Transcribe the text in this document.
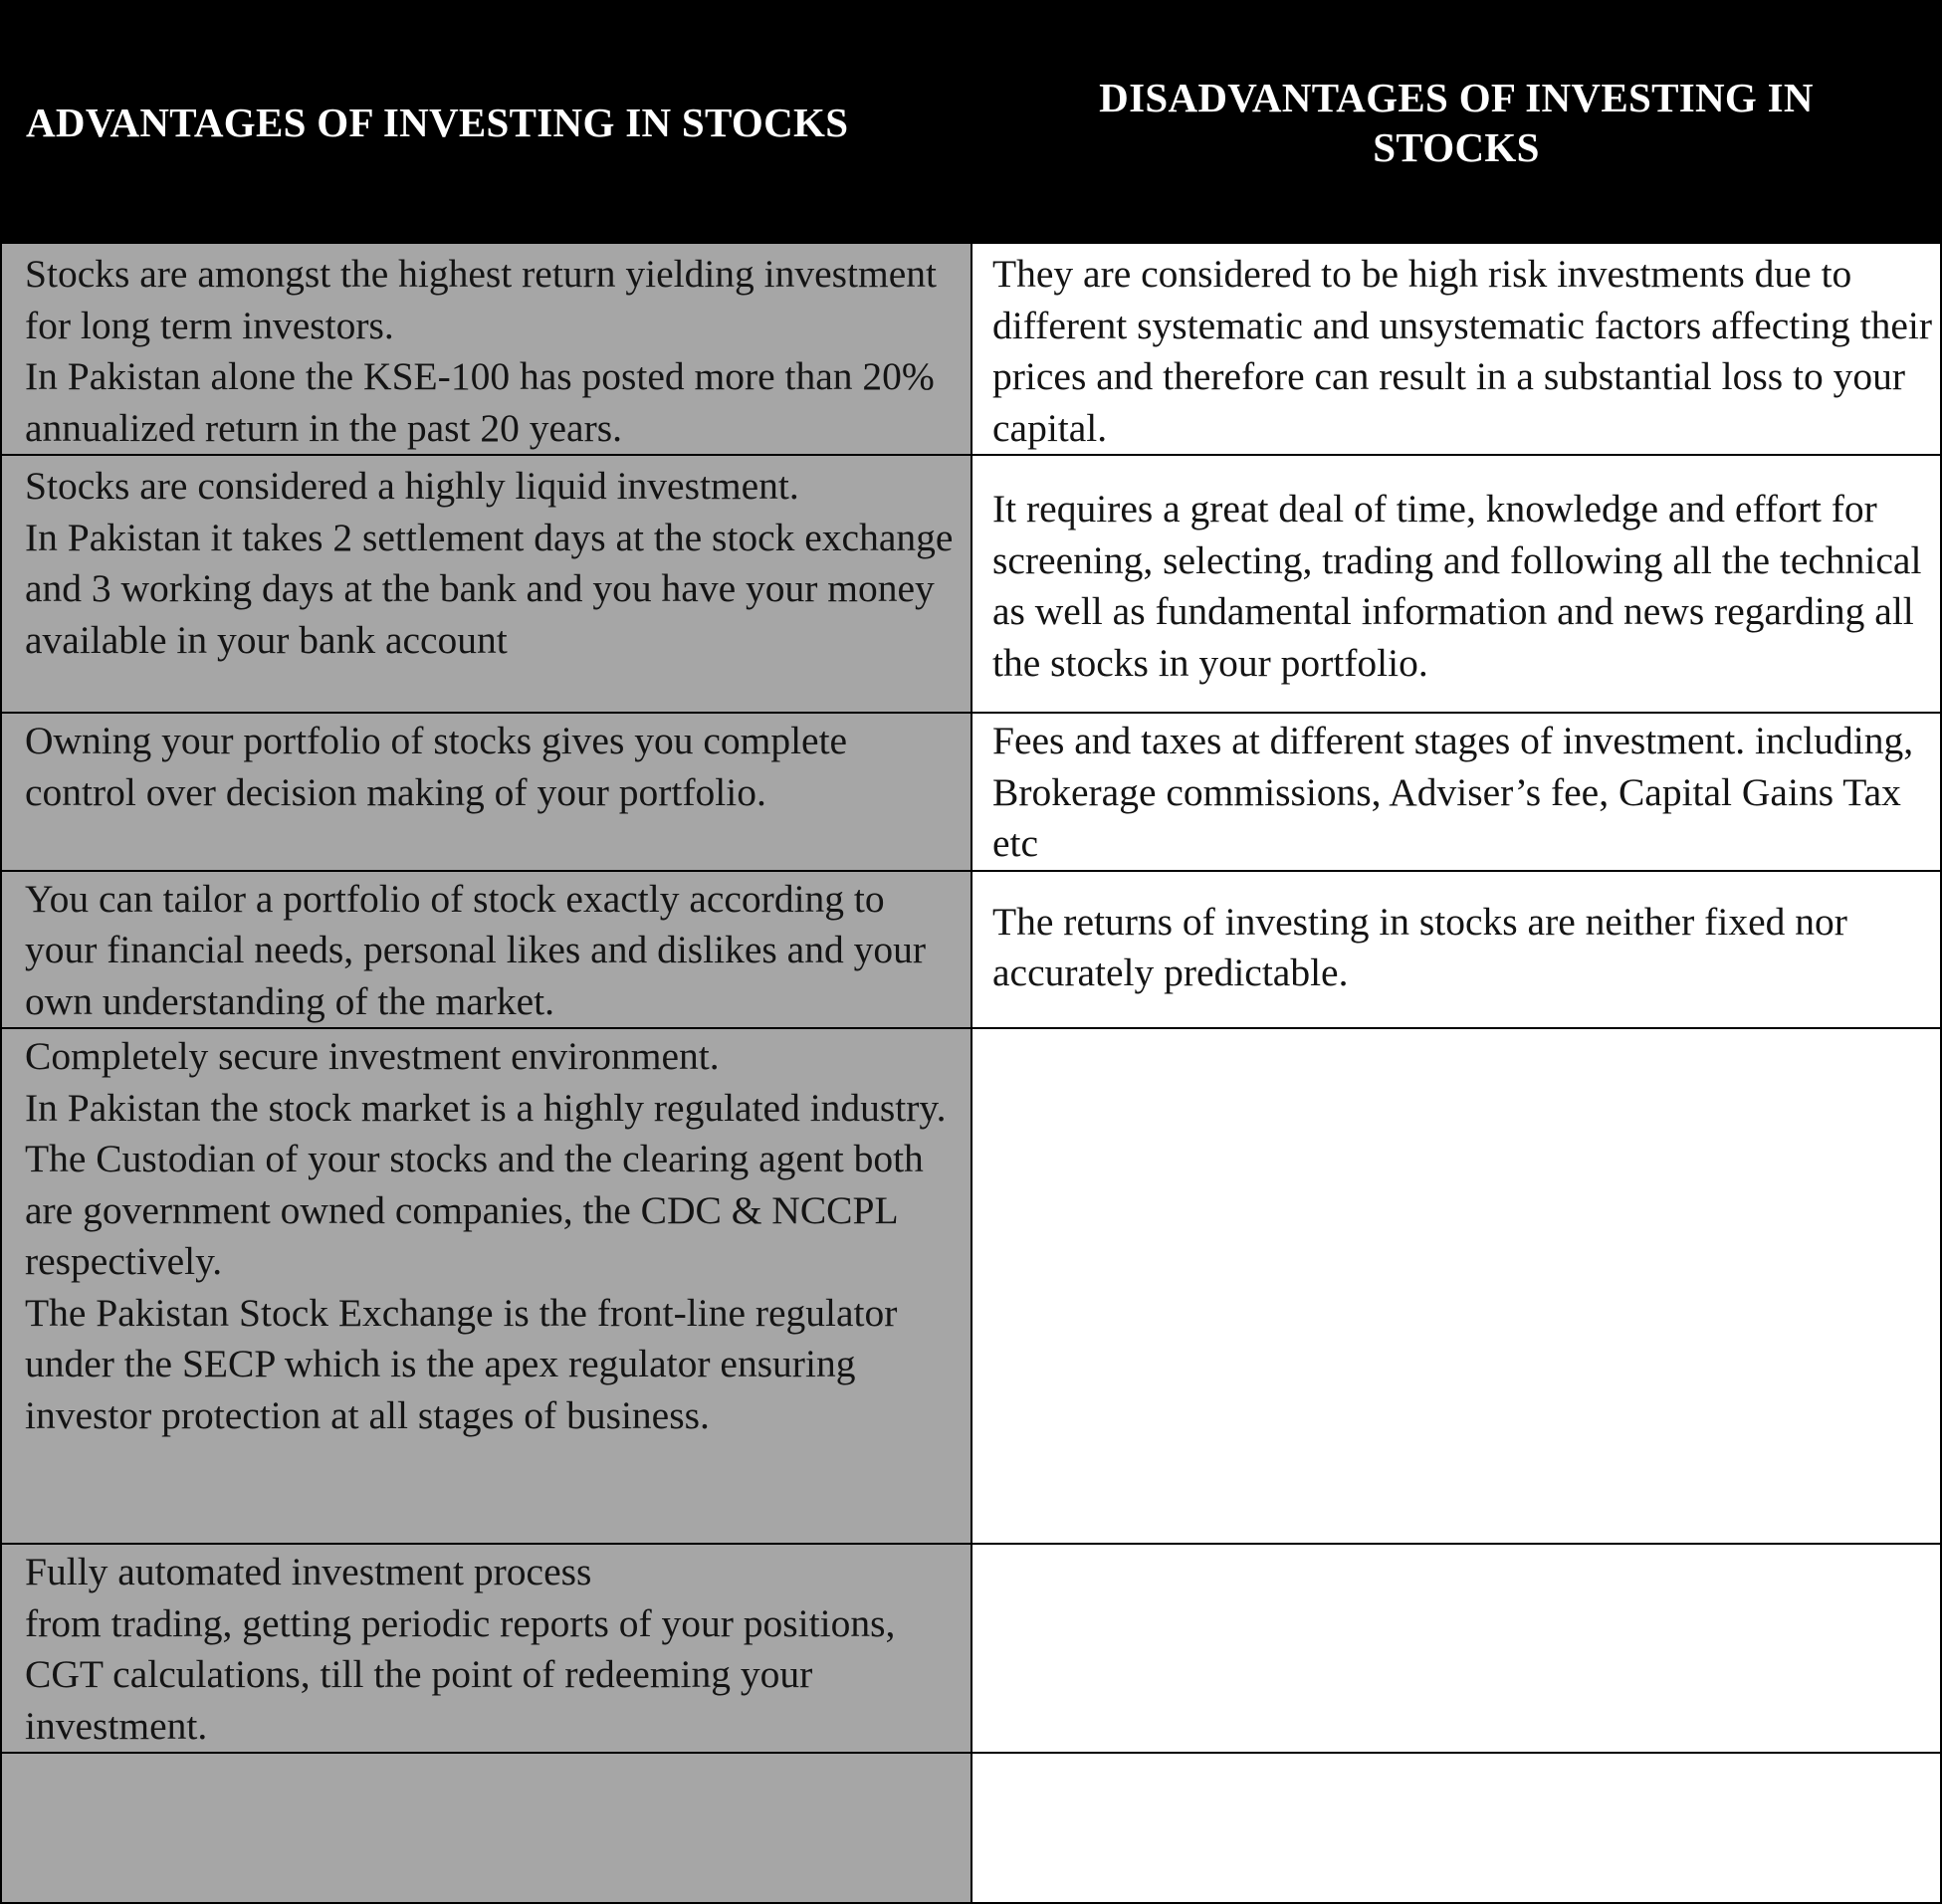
ADVANTAGES OF INVESTING IN STOCKS	DISADVANTAGES OF INVESTING IN STOCKS

Stocks are amongst the highest return yielding investment for long term investors.
In Pakistan alone the KSE-100 has posted more than 20% annualized return in the past 20 years.	They are considered to be high risk investments due to different systematic and unsystematic factors affecting their prices and therefore can result in a substantial loss to your capital.

Stocks are considered a highly liquid investment.
In Pakistan it takes 2 settlement days at the stock exchange and 3 working days at the bank and you have your money available in your bank account	It requires a great deal of time, knowledge and effort for screening, selecting, trading and following all the technical as well as fundamental information and news regarding all the stocks in your portfolio.

Owning your portfolio of stocks gives you complete control over decision making of your portfolio.	Fees and taxes at different stages of investment. including, Brokerage commissions, Adviser’s fee, Capital Gains Tax etc

You can tailor a portfolio of stock exactly according to your financial needs, personal likes and dislikes and your own understanding of the market.	The returns of investing in stocks are neither fixed nor accurately predictable.

Completely secure investment environment.
In Pakistan the stock market is a highly regulated industry.
The Custodian of your stocks and the clearing agent both are government owned companies, the CDC & NCCPL respectively.
The Pakistan Stock Exchange is the front-line regulator under the SECP which is the apex regulator ensuring investor protection at all stages of business.	

Fully automated investment process
from trading, getting periodic reports of your positions, CGT calculations, till the point of redeeming your investment.	
